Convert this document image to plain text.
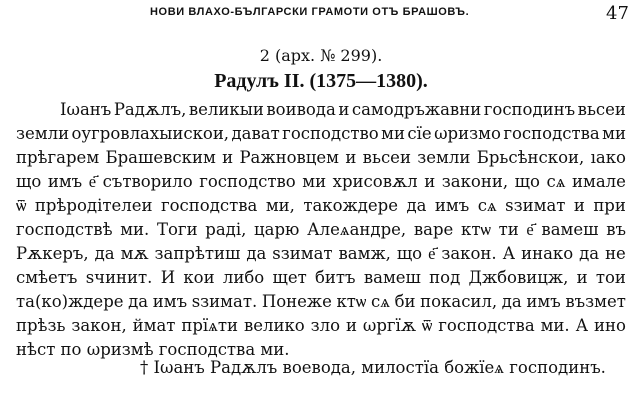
НОВИ ВЛАХО-БЪЛГАРСКИ ГРАМОТИ ОТЪ БРАШОВЪ.	47
2 (арх. № 299).
Радулъ II. (1375—1380).
Iωанъ Радѫлъ, великыи воивода и самодръжавни господинъ вьсеи
земли оугровлахыискои, дават господство ми сїе ωризмо господства ми
прѣгарем Брашевским и Ражновцем и вьсеи земли Брьсѣнскои, ıако
що имъ е҃ сътворило господство ми хрисовѫл и закони, що сѧ имале
ѿ прѣродітелеи господства ми, такождере да имъ сѧ ѕзимат и при
господствѣ ми. Тоги раді, царю Алеѧандре, варе ктѡ ти е҃ вамеш въ
Рѫкеръ, да мѫ запрѣтиш да ѕзимат вамж, що е҃ закон. А инако да не
смѣетъ ѕчинит. И кои либо щет битъ вамеш под Джбовицж, и тои
та(ко)ждере да имъ ѕзимат. Понеже ктѡ сѧ би покасил, да имъ възмет
прѣзь закон, ймат прїѧти велико зло и ωргїѫ ѿ господства ми. А ино
нѣст по ωризмѣ господства ми.
† Iωанъ Радѫлъ воевода, милостїа божїеѧ господинъ.
